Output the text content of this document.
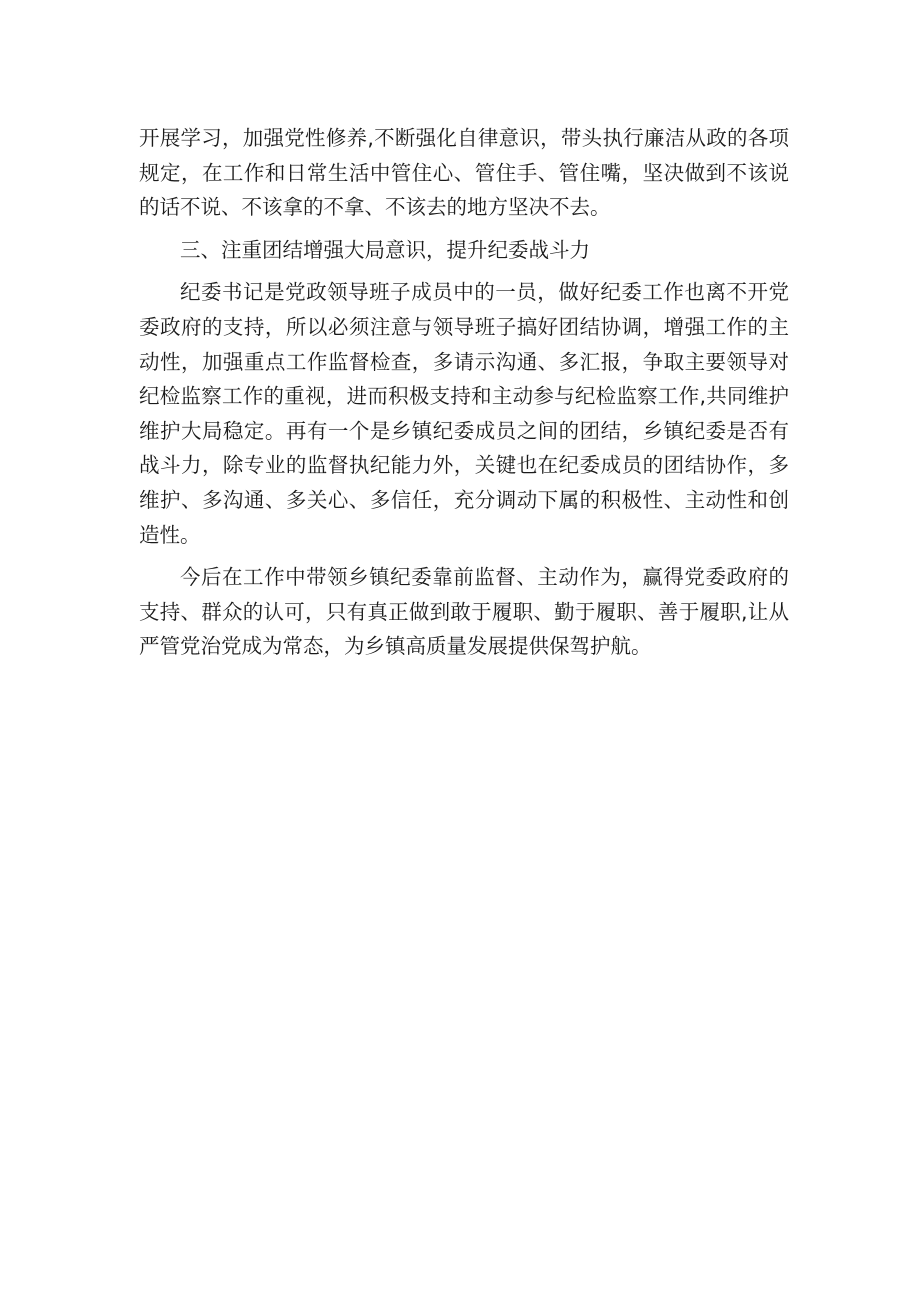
开展学习，加强党性修养,不断强化自律意识，带头执行廉洁从政的各项规定，在工作和日常生活中管住心、管住手、管住嘴，坚决做到不该说的话不说、不该拿的不拿、不该去的地方坚决不去。

三、注重团结增强大局意识，提升纪委战斗力

纪委书记是党政领导班子成员中的一员，做好纪委工作也离不开党委政府的支持，所以必须注意与领导班子搞好团结协调，增强工作的主动性，加强重点工作监督检查，多请示沟通、多汇报，争取主要领导对纪检监察工作的重视，进而积极支持和主动参与纪检监察工作,共同维护维护大局稳定。再有一个是乡镇纪委成员之间的团结，乡镇纪委是否有战斗力，除专业的监督执纪能力外，关键也在纪委成员的团结协作，多维护、多沟通、多关心、多信任，充分调动下属的积极性、主动性和创造性。

今后在工作中带领乡镇纪委靠前监督、主动作为，赢得党委政府的支持、群众的认可，只有真正做到敢于履职、勤于履职、善于履职,让从严管党治党成为常态，为乡镇高质量发展提供保驾护航。
